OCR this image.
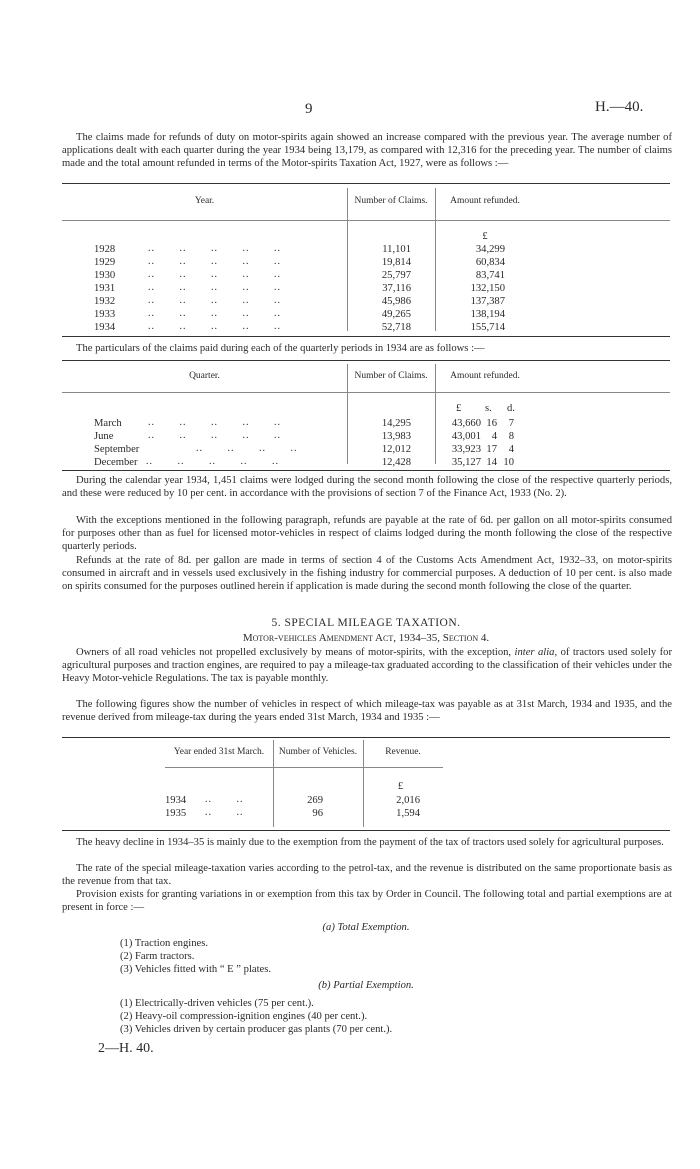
9	H.—40.
The claims made for refunds of duty on motor-spirits again showed an increase compared with the previous year. The average number of applications dealt with each quarter during the year 1934 being 13,179, as compared with 12,316 for the preceding year. The number of claims made and the total amount refunded in terms of the Motor-spirits Taxation Act, 1927, were as follows :—
Year.	Number of Claims.	Amount refunded.
£
1928	..       ..       ..       ..       ..	11,101	34,299
1929	..       ..       ..       ..       ..	19,814	60,834
1930	..       ..       ..       ..       ..	25,797	83,741
1931	..       ..       ..       ..       ..	37,116	132,150
1932	..       ..       ..       ..       ..	45,986	137,387
1933	..       ..       ..       ..       ..	49,265	138,194
1934	..       ..       ..       ..       ..	52,718	155,714
The particulars of the claims paid during each of the quarterly periods in 1934 are as follows :—
Quarter.	Number of Claims.	Amount refunded.
£ s. d.
March	..       ..       ..       ..       ..	14,295	43,660 16	7
June	..       ..       ..       ..       ..	13,983	43,001	4	8
September	..       ..       ..       ..	12,012	33,923 17	4
December ..       ..       ..       ..       ..	12,428	35,127 14 10
During the calendar year 1934, 1,451 claims were lodged during the second month following the close of the respective quarterly periods, and these were reduced by 10 per cent. in accordance with the provisions of section 7 of the Finance Act, 1933 (No. 2).
With the exceptions mentioned in the following paragraph, refunds are payable at the rate of 6d. per gallon on all motor-spirits consumed for purposes other than as fuel for licensed motor-vehicles in respect of claims lodged during the month following the close of the respective quarterly periods.
Refunds at the rate of 8d. per gallon are made in terms of section 4 of the Customs Acts Amendment Act, 1932–33, on motor-spirits consumed in aircraft and in vessels used exclusively in the fishing industry for commercial purposes. A deduction of 10 per cent. is also made on spirits consumed for the purposes outlined herein if application is made during the second month following the close of the quarter.
5. SPECIAL MILEAGE TAXATION.
Motor-vehicles Amendment Act, 1934–35, Section 4.
Owners of all road vehicles not propelled exclusively by means of motor-spirits, with the exception, inter alia, of tractors used solely for agricultural purposes and traction engines, are required to pay a mileage-tax graduated according to the classification of their vehicles under the Heavy Motor-vehicle Regulations. The tax is payable monthly.
The following figures show the number of vehicles in respect of which mileage-tax was payable as at 31st March, 1934 and 1935, and the revenue derived from mileage-tax during the years ended 31st March, 1934 and 1935 :—
Year ended 31st March.	Number of Vehicles.	Revenue.
£
1934 ..       ..	269	2,016
1935 ..       ..	96	1,594
The heavy decline in 1934–35 is mainly due to the exemption from the payment of the tax of tractors used solely for agricultural purposes.
The rate of the special mileage-taxation varies according to the petrol-tax, and the revenue is distributed on the same proportionate basis as the revenue from that tax.
Provision exists for granting variations in or exemption from this tax by Order in Council. The following total and partial exemptions are at present in force :—
(a) Total Exemption.
(1) Traction engines.
(2) Farm tractors.
(3) Vehicles fitted with “ E ” plates.
(b) Partial Exemption.
(1) Electrically-driven vehicles (75 per cent.).
(2) Heavy-oil compression-ignition engines (40 per cent.).
(3) Vehicles driven by certain producer gas plants (70 per cent.).
2—H. 40.
